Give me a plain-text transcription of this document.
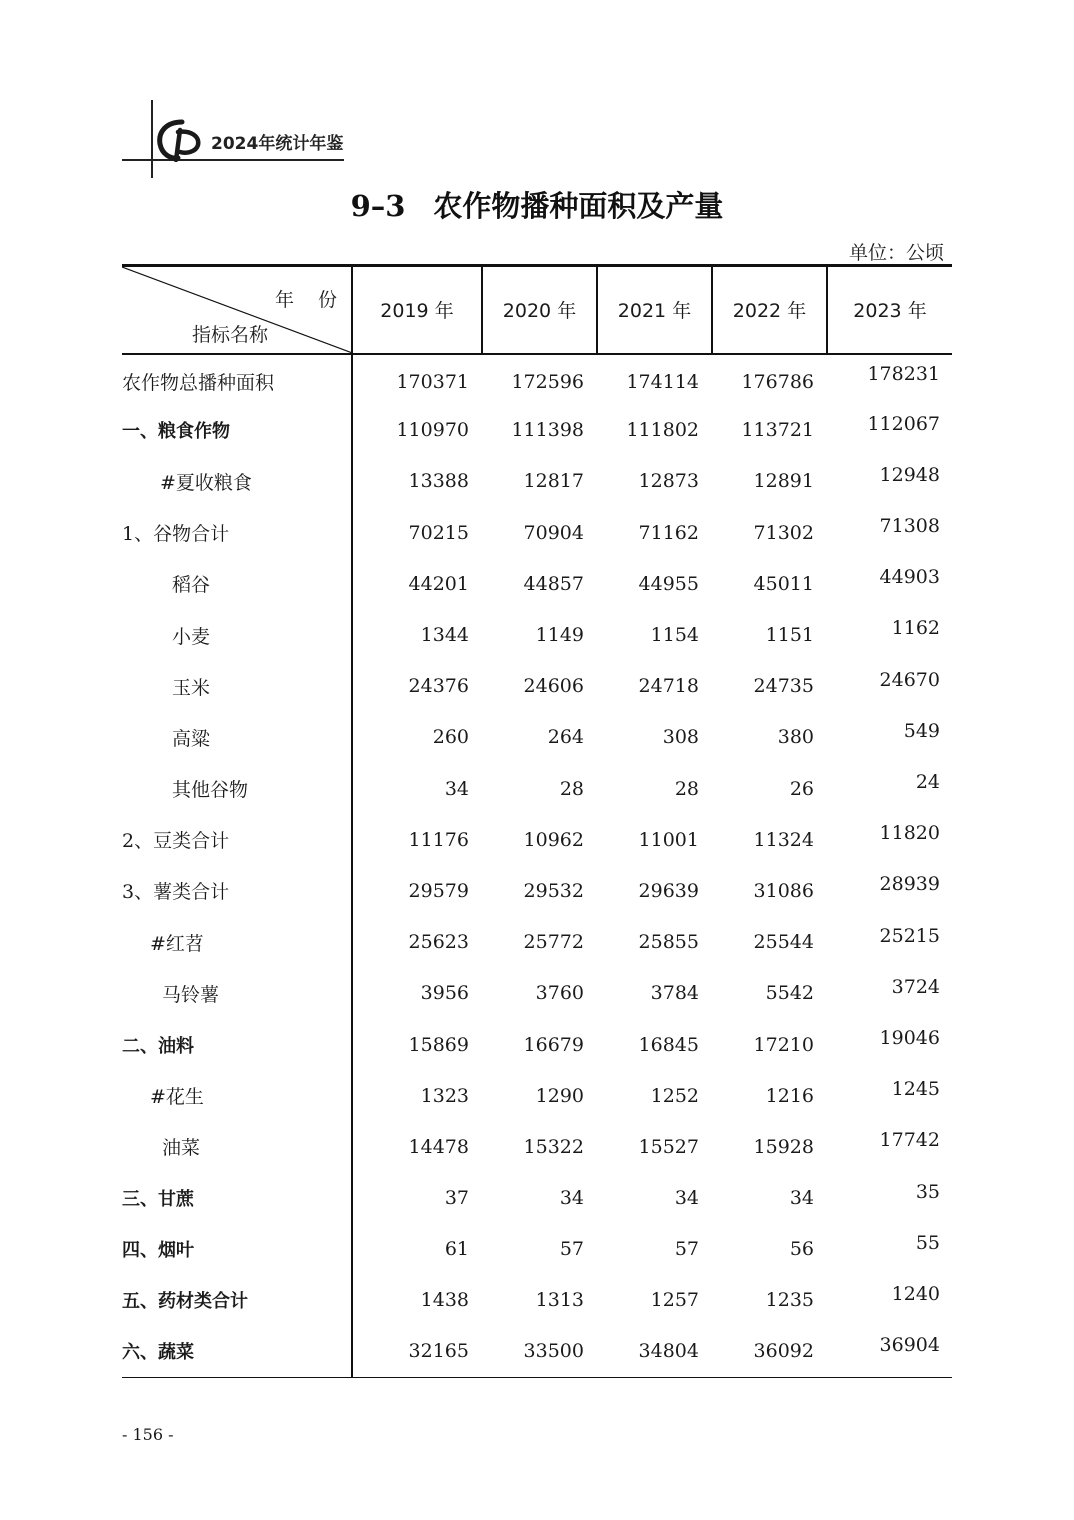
2024年统计年鉴
9–3 农作物播种面积及产量
单位：公顷
年 份
指标名称	2019 年	2020 年	2021 年	2022 年	2023 年
农作物总播种面积	170371	172596	174114	176786	178231
一、粮食作物	110970	111398	111802	113721	112067
#夏收粮食	13388	12817	12873	12891	12948
1、谷物合计	70215	70904	71162	71302	71308
稻谷	44201	44857	44955	45011	44903
小麦	1344	1149	1154	1151	1162
玉米	24376	24606	24718	24735	24670
高粱	260	264	308	380	549
其他谷物	34	28	28	26	24
2、豆类合计	11176	10962	11001	11324	11820
3、薯类合计	29579	29532	29639	31086	28939
#红苕	25623	25772	25855	25544	25215
马铃薯	3956	3760	3784	5542	3724
二、油料	15869	16679	16845	17210	19046
#花生	1323	1290	1252	1216	1245
油菜	14478	15322	15527	15928	17742
三、甘蔗	37	34	34	34	35
四、烟叶	61	57	57	56	55
五、药材类合计	1438	1313	1257	1235	1240
六、蔬菜	32165	33500	34804	36092	36904
- 156 -
